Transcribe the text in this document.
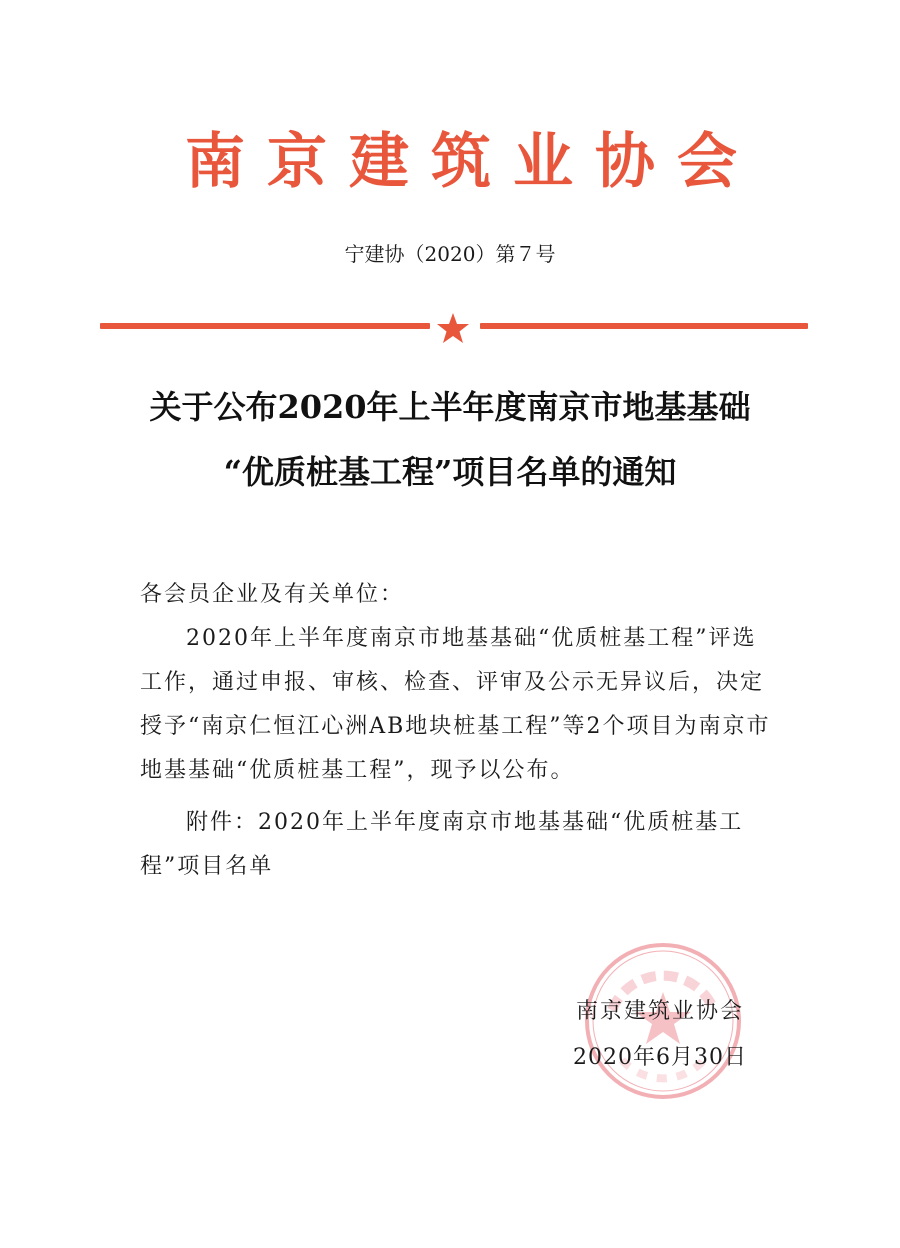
南京建筑业协会
宁建协（2020）第７号
关于公布2020年上半年度南京市地基基础
“优质桩基工程”项目名单的通知
各会员企业及有关单位：
2020年上半年度南京市地基基础“优质桩基工程”评选工作，通过申报、审核、检查、评审及公示无异议后，决定授予“南京仁恒江心洲AB地块桩基工程”等2个项目为南京市地基基础“优质桩基工程”，现予以公布。
附件：2020年上半年度南京市地基基础“优质桩基工程”项目名单
南京建筑业协会
2020年6月30日
